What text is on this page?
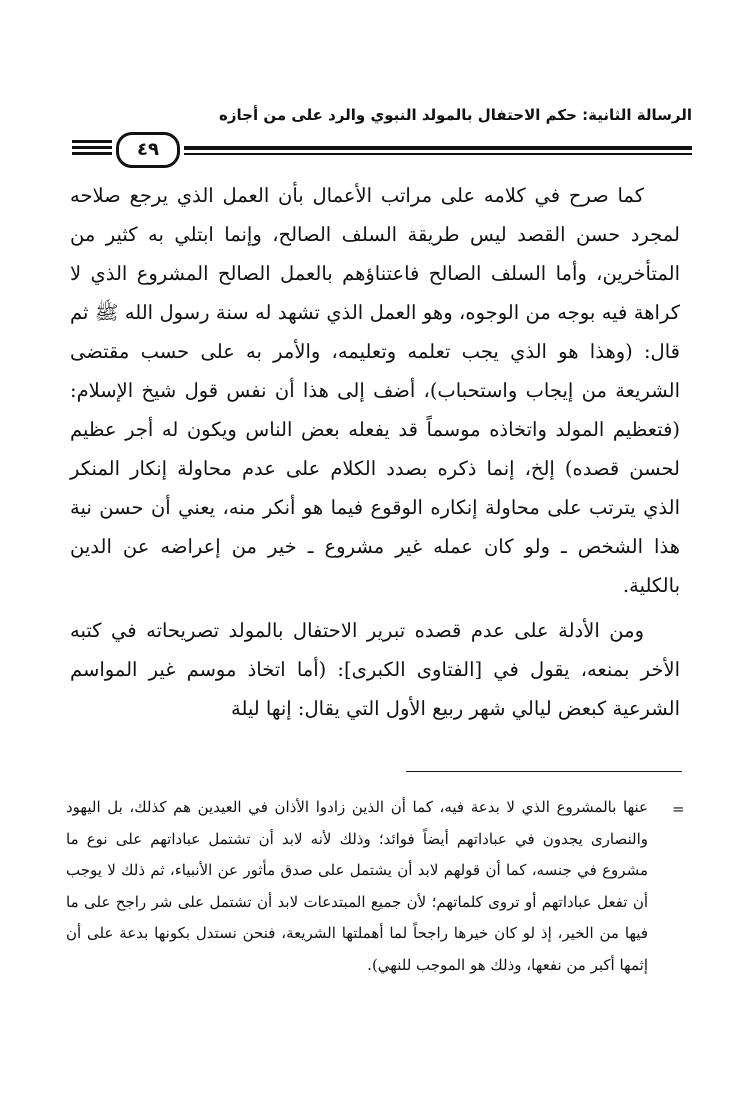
الرسالة الثانية: حكم الاحتفال بالمولد النبوي والرد على من أجازه
٤٩

كما صرح في كلامه على مراتب الأعمال بأن العمل الذي يرجع صلاحه لمجرد حسن القصد ليس طريقة السلف الصالح، وإنما ابتلي به كثير من المتأخرين، وأما السلف الصالح فاعتناؤهم بالعمل الصالح المشروع الذي لا كراهة فيه بوجه من الوجوه، وهو العمل الذي تشهد له سنة رسول الله ﷺ ثم قال: (وهذا هو الذي يجب تعلمه وتعليمه، والأمر به على حسب مقتضى الشريعة من إيجاب واستحباب)، أضف إلى هذا أن نفس قول شيخ الإسلام: (فتعظيم المولد واتخاذه موسماً قد يفعله بعض الناس ويكون له أجر عظيم لحسن قصده) إلخ، إنما ذكره بصدد الكلام على عدم محاولة إنكار المنكر الذي يترتب على محاولة إنكاره الوقوع فيما هو أنكر منه، يعني أن حسن نية هذا الشخص ـ ولو كان عمله غير مشروع ـ خير من إعراضه عن الدين بالكلية.

ومن الأدلة على عدم قصده تبرير الاحتفال بالمولد تصريحاته في كتبه الأخر بمنعه، يقول في [الفتاوى الكبرى]: (أما اتخاذ موسم غير المواسم الشرعية كبعض ليالي شهر ربيع الأول التي يقال: إنها ليلة

=
عنها بالمشروع الذي لا بدعة فيه، كما أن الذين زادوا الأذان في العيدين هم كذلك، بل اليهود والنصارى يجدون في عباداتهم أيضاً فوائد؛ وذلك لأنه لابد أن تشتمل عباداتهم على نوع ما مشروع في جنسه، كما أن قولهم لابد أن يشتمل على صدق مأثور عن الأنبياء، ثم ذلك لا يوجب أن تفعل عباداتهم أو تروى كلماتهم؛ لأن جميع المبتدعات لابد أن تشتمل على شر راجح على ما فيها من الخير، إذ لو كان خيرها راجحاً لما أهملتها الشريعة، فنحن نستدل بكونها بدعة على أن إثمها أكبر من نفعها، وذلك هو الموجب للنهي).
